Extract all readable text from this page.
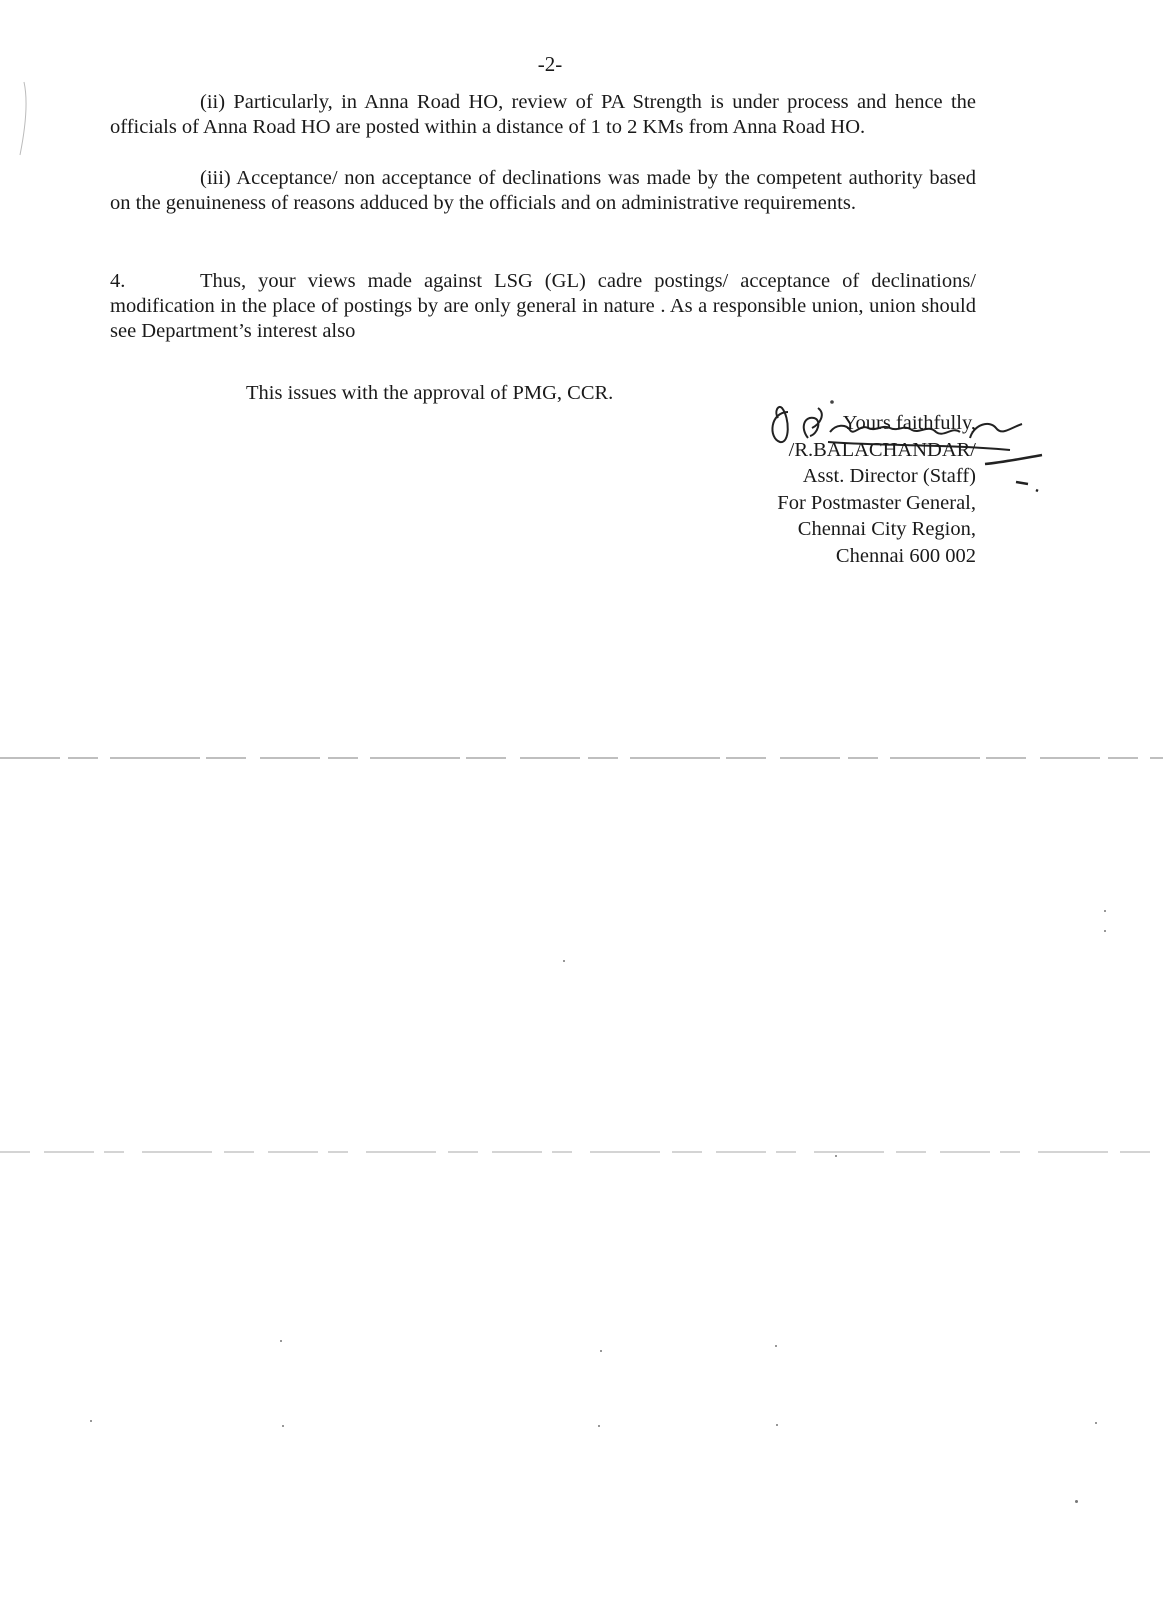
-2-

(ii) Particularly, in Anna Road HO, review of PA Strength is under process and hence the officials of Anna Road HO are posted within a distance of 1 to 2 KMs from Anna Road HO.

(iii) Acceptance/ non acceptance of declinations was made by the competent authority based on the genuineness of reasons adduced by the officials and on administrative requirements.

4.	Thus, your views made against LSG (GL) cadre postings/ acceptance of declinations/ modification in the place of postings by are only general in nature . As a responsible union, union should see Department’s interest also

This issues with the approval of PMG, CCR.
Yours faithfully,
/R.BALACHANDAR/
Asst. Director (Staff)
For Postmaster General,
Chennai City Region,
Chennai 600 002
